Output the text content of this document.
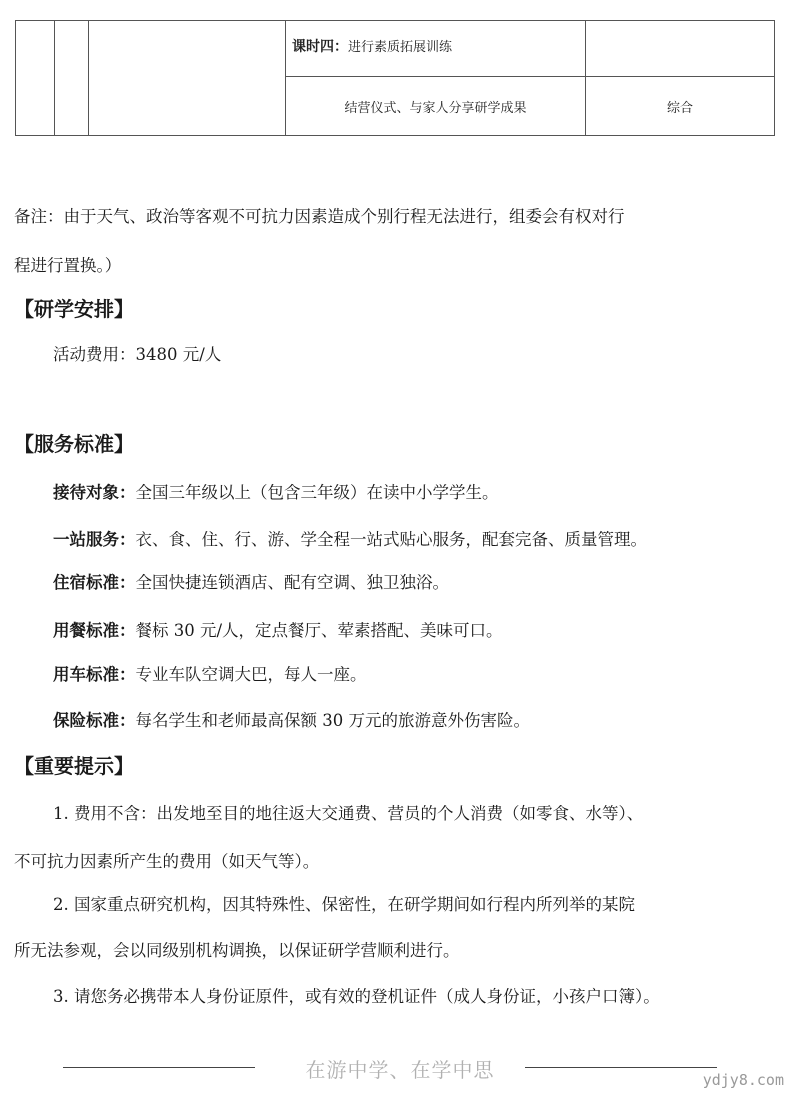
			课时四：进行素质拓展训练	
			结营仪式、与家人分享研学成果	综合
备注：由于天气、政治等客观不可抗力因素造成个别行程无法进行，组委会有权对行
程进行置换。）
【研学安排】
活动费用：3480 元/人
【服务标准】
接待对象：全国三年级以上（包含三年级）在读中小学学生。
一站服务：衣、食、住、行、游、学全程一站式贴心服务，配套完备、质量管理。
住宿标准：全国快捷连锁酒店、配有空调、独卫独浴。
用餐标准：餐标 30 元/人，定点餐厅、荤素搭配、美味可口。
用车标准：专业车队空调大巴，每人一座。
保险标准：每名学生和老师最高保额 30 万元的旅游意外伤害险。
【重要提示】
1. 费用不含：出发地至目的地往返大交通费、营员的个人消费（如零食、水等）、
不可抗力因素所产生的费用（如天气等）。
2. 国家重点研究机构，因其特殊性、保密性，在研学期间如行程内所列举的某院
所无法参观，会以同级别机构调换，以保证研学营顺利进行。
3. 请您务必携带本人身份证原件，或有效的登机证件（成人身份证，小孩户口簿）。
在游中学、在学中思	ydjy8.com
